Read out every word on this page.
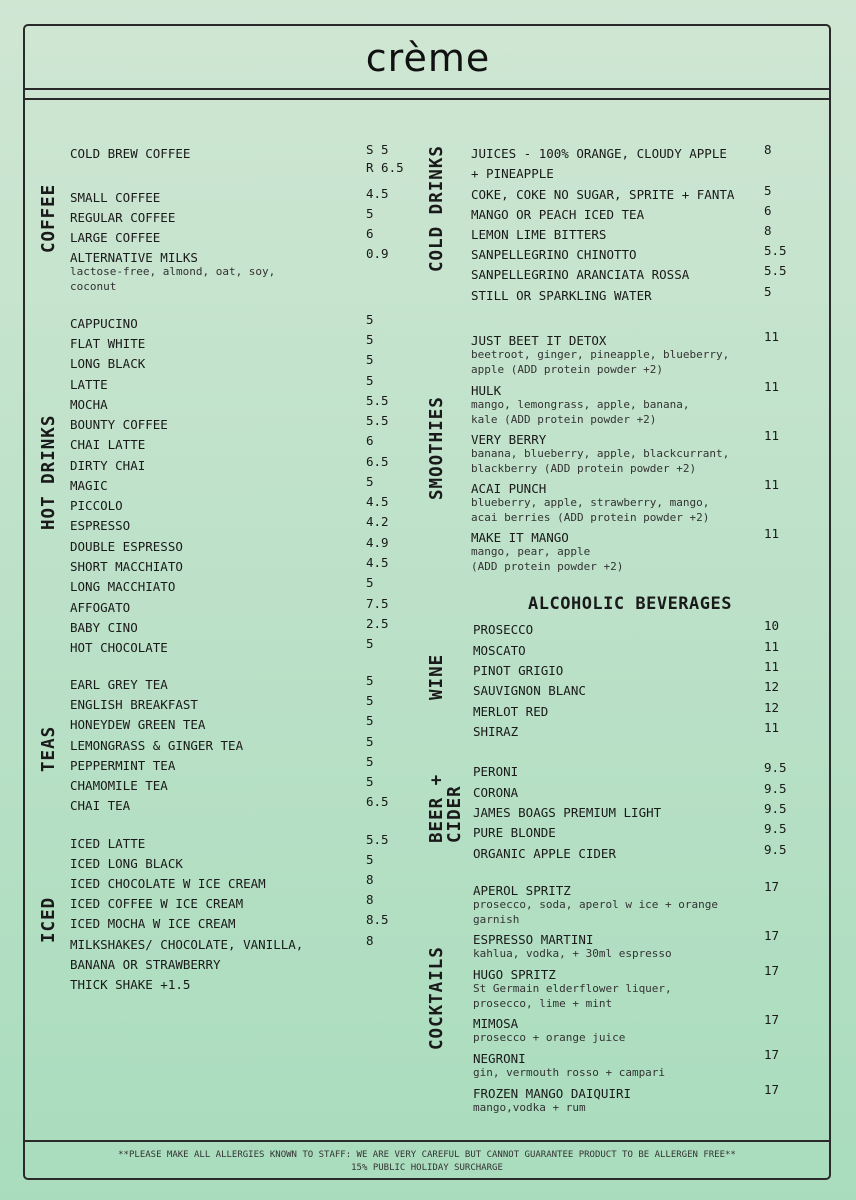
crème
ALCOHOLIC BEVERAGES
**PLEASE MAKE ALL ALLERGIES KNOWN TO STAFF: WE ARE VERY CAREFUL BUT CANNOT GUARANTEE PRODUCT TO BE ALLERGEN FREE**
15% PUBLIC HOLIDAY SURCHARGE
COFFEE
COLD BREW COFFEE	S 5
R 6.5
SMALL COFFEE	4.5
REGULAR COFFEE	5
LARGE COFFEE	6
ALTERNATIVE MILKS	0.9
lactose-free, almond, oat, soy,
coconut
HOT DRINKS
CAPPUCINO	5
FLAT WHITE	5
LONG BLACK	5
LATTE	5
MOCHA	5.5
BOUNTY COFFEE	5.5
CHAI LATTE	6
DIRTY CHAI	6.5
MAGIC	5
PICCOLO	4.5
ESPRESSO	4.2
DOUBLE ESPRESSO	4.9
SHORT MACCHIATO	4.5
LONG MACCHIATO	5
AFFOGATO	7.5
BABY CINO	2.5
HOT CHOCOLATE	5
TEAS
EARL GREY TEA	5
ENGLISH BREAKFAST	5
HONEYDEW GREEN TEA	5
LEMONGRASS & GINGER TEA	5
PEPPERMINT TEA	5
CHAMOMILE TEA	5
CHAI TEA	6.5
ICED
ICED LATTE	5.5
ICED LONG BLACK	5
ICED CHOCOLATE W ICE CREAM	8
ICED COFFEE W ICE CREAM	8
ICED MOCHA W ICE CREAM	8.5
MILKSHAKES/ CHOCOLATE, VANILLA,	8
BANANA OR STRAWBERRY
THICK SHAKE +1.5
COLD DRINKS JUICES - 100% ORANGE, CLOUDY APPLE	8
+ PINEAPPLE
COKE, COKE NO SUGAR, SPRITE + FANTA 5
MANGO OR PEACH ICED TEA	6
LEMON LIME BITTERS	8
SANPELLEGRINO CHINOTTO	5.5
SANPELLEGRINO ARANCIATA ROSSA	5.5
STILL OR SPARKLING WATER	5
SMOOTHIES
JUST BEET IT DETOX	11
beetroot, ginger, pineapple, blueberry,
apple (ADD protein powder +2)
HULK	11
mango, lemongrass, apple, banana,
kale (ADD protein powder +2)
VERY BERRY	11
banana, blueberry, apple, blackcurrant,
blackberry (ADD protein powder +2)
ACAI PUNCH	11
blueberry, apple, strawberry, mango,
acai berries (ADD protein powder +2)
MAKE IT MANGO	11
mango, pear, apple
(ADD protein powder +2)
WINE
PROSECCO	10
MOSCATO	11
PINOT GRIGIO	11
SAUVIGNON BLANC	12
MERLOT RED	12
SHIRAZ	11
BEER +
CIDER
PERONI	9.5
CORONA	9.5
JAMES BOAGS PREMIUM LIGHT	9.5
PURE BLONDE	9.5
ORGANIC APPLE CIDER	9.5
COCKTAILS
APEROL SPRITZ	17
prosecco, soda, aperol w ice + orange
garnish
ESPRESSO MARTINI	17
kahlua, vodka, + 30ml espresso
HUGO SPRITZ	17
St Germain elderflower liquer,
prosecco, lime + mint
MIMOSA	17
prosecco + orange juice
NEGRONI	17
gin, vermouth rosso + campari
FROZEN MANGO DAIQUIRI	17
mango,vodka + rum
